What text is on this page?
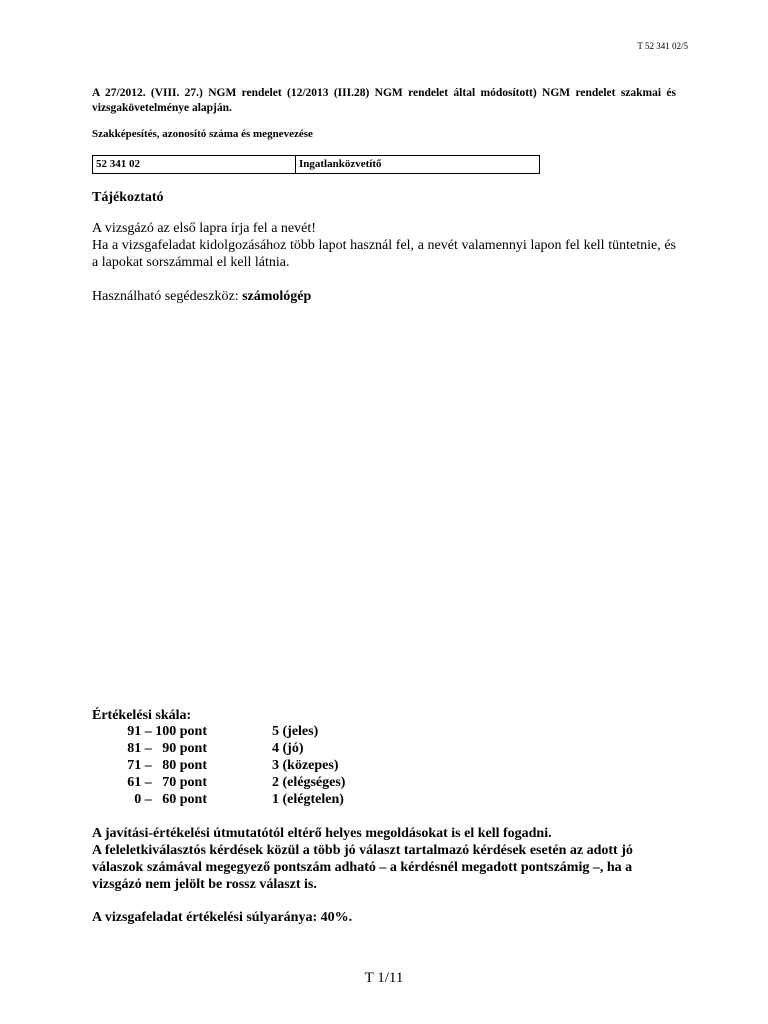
T 52 341 02/5
A 27/2012. (VIII. 27.) NGM rendelet (12/2013 (III.28) NGM rendelet által módosított) NGM rendelet szakmai és vizsgakövetelménye alapján.
Szakképesítés, azonosító száma és megnevezése
52 341 02	Ingatlanközvetítő
Tájékoztató

A vizsgázó az első lapra írja fel a nevét!

Ha a vizsgafeladat kidolgozásához több lapot használ fel, a nevét valamennyi lapon fel kell tüntetnie, és a lapokat sorszámmal el kell látnia.

Használható segédeszköz: számológép
Értékelési skála:
91 – 100 pont	5 (jeles)
81 –   90 pont	4 (jó)
71 –   80 pont	3 (közepes)
61 –   70 pont	2 (elégséges)
0 –   60 pont	1 (elégtelen)

A javítási-értékelési útmutatótól eltérő helyes megoldásokat is el kell fogadni.

A feleletkiválasztós kérdések közül a több jó választ tartalmazó kérdések esetén az adott jó válaszok számával megegyező pontszám adható – a kérdésnél megadott pontszámig –, ha a vizsgázó nem jelölt be rossz választ is.

A vizsgafeladat értékelési súlyaránya: 40%.
T 1/11
